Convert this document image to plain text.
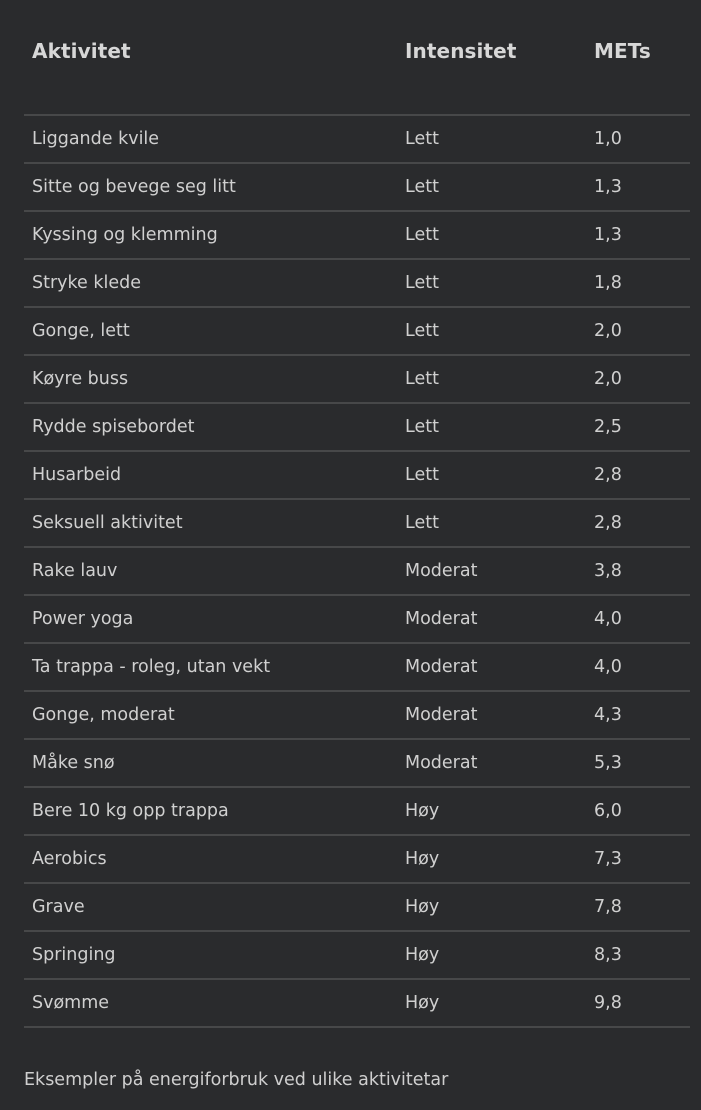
Aktivitet	Intensitet	METs
Liggande kvile	Lett	1,0
Sitte og bevege seg litt	Lett	1,3
Kyssing og klemming	Lett	1,3
Stryke klede	Lett	1,8
Gonge, lett	Lett	2,0
Køyre buss	Lett	2,0
Rydde spisebordet	Lett	2,5
Husarbeid	Lett	2,8
Seksuell aktivitet	Lett	2,8
Rake lauv	Moderat	3,8
Power yoga	Moderat	4,0
Ta trappa - roleg, utan vekt	Moderat	4,0
Gonge, moderat	Moderat	4,3
Måke snø	Moderat	5,3
Bere 10 kg opp trappa	Høy	6,0
Aerobics	Høy	7,3
Grave	Høy	7,8
Springing	Høy	8,3
Svømme	Høy	9,8
Eksempler på energiforbruk ved ulike aktivitetar
